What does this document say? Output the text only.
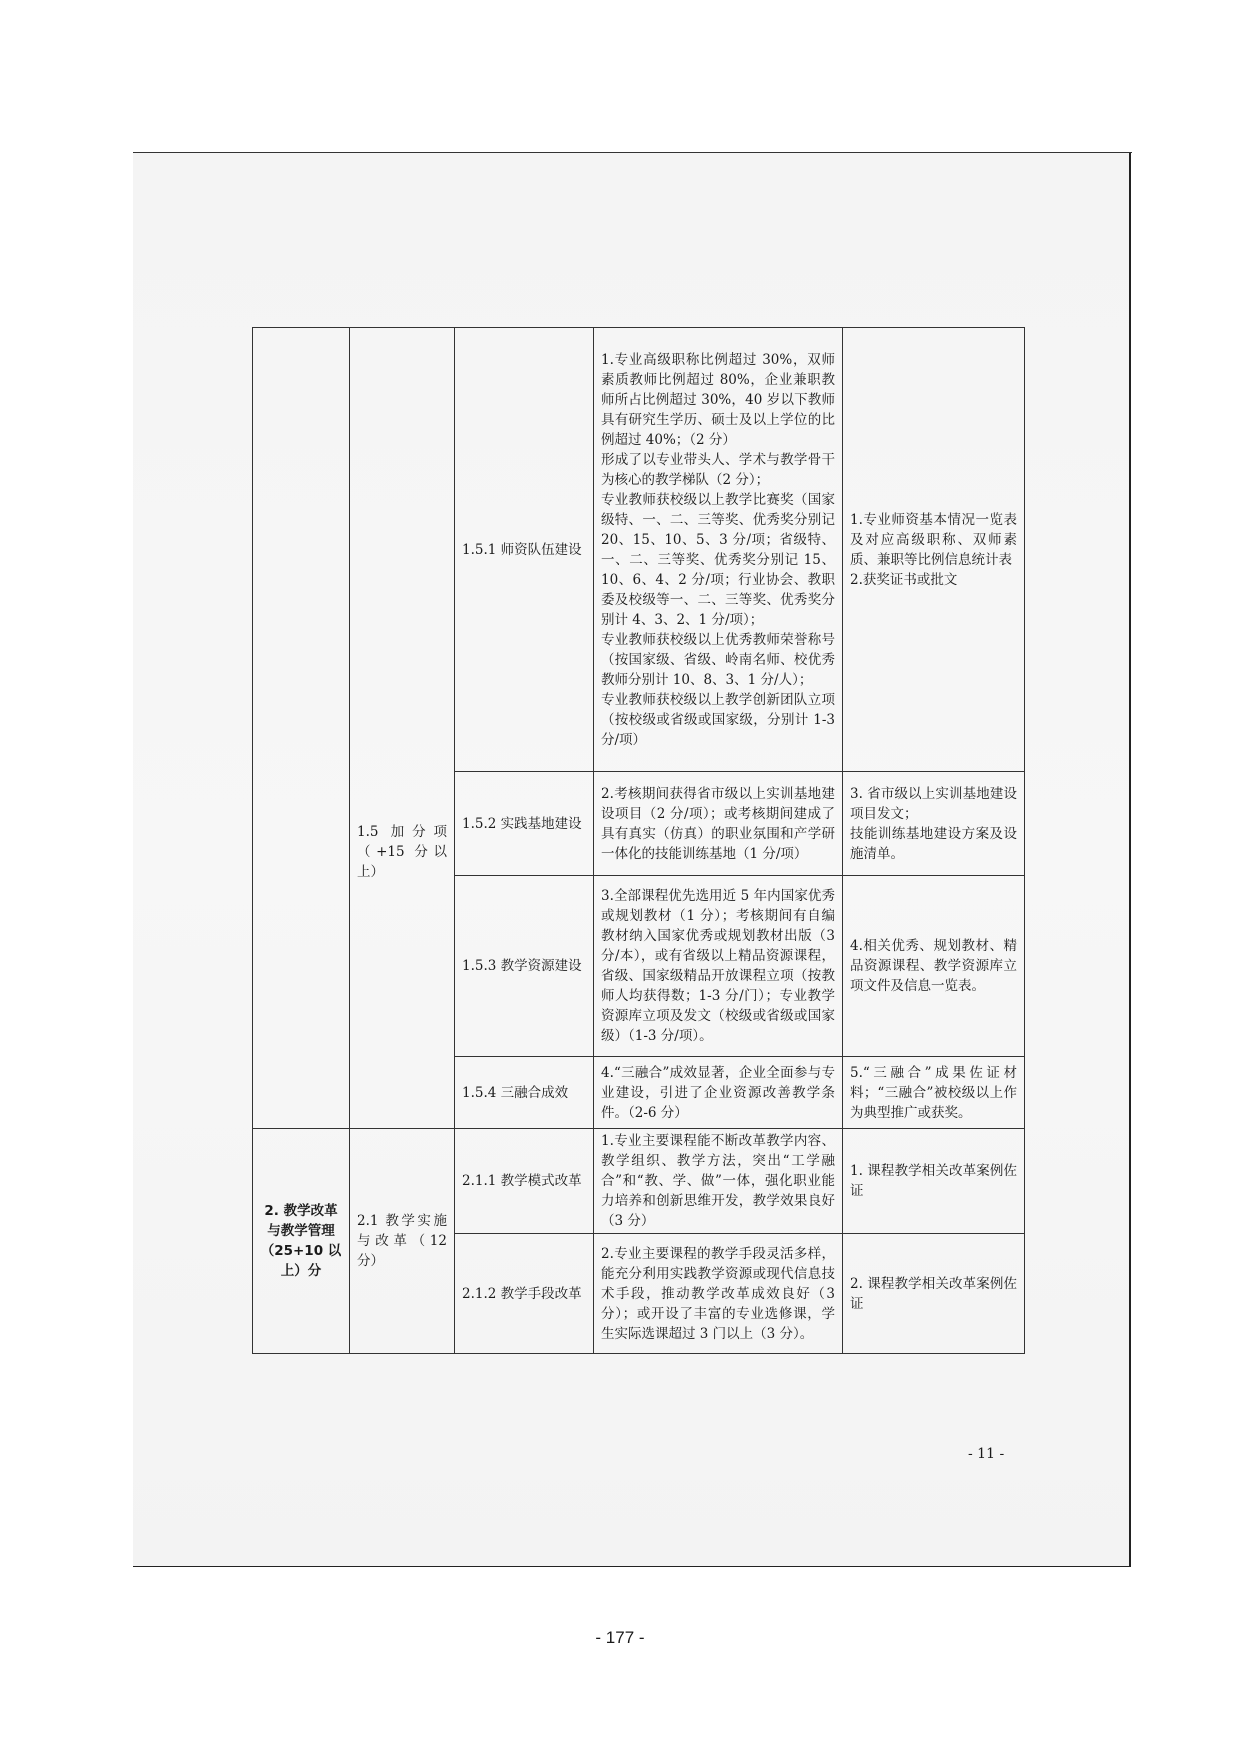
	1.5 加分项（+15 分以上）	1.5.1 师资队伍建设	1.专业高级职称比例超过 30%，双师素质教师比例超过 80%，企业兼职教师所占比例超过 30%，40 岁以下教师具有研究生学历、硕士及以上学位的比例超过 40%；（2 分）
形成了以专业带头人、学术与教学骨干为核心的教学梯队（2 分）；
专业教师获校级以上教学比赛奖（国家级特、一、二、三等奖、优秀奖分别记 20、15、10、5、3 分/项；省级特、一、二、三等奖、优秀奖分别记 15、10、6、4、2 分/项；行业协会、教职委及校级等一、二、三等奖、优秀奖分别计 4、3、2、1 分/项）；
专业教师获校级以上优秀教师荣誉称号（按国家级、省级、岭南名师、校优秀教师分别计 10、8、3、1 分/人）；
专业教师获校级以上教学创新团队立项（按校级或省级或国家级，分别计 1-3 分/项）	1.专业师资基本情况一览表及对应高级职称、双师素质、兼职等比例信息统计表
2.获奖证书或批文
		1.5.2 实践基地建设	2.考核期间获得省市级以上实训基地建设项目（2 分/项）；或考核期间建成了具有真实（仿真）的职业氛围和产学研一体化的技能训练基地（1 分/项）	3. 省市级以上实训基地建设项目发文；
技能训练基地建设方案及设施清单。
		1.5.3 教学资源建设	3.全部课程优先选用近 5 年内国家优秀或规划教材（1 分）；考核期间有自编教材纳入国家优秀或规划教材出版（3 分/本），或有省级以上精品资源课程，省级、国家级精品开放课程立项（按教师人均获得数；1-3 分/门）；专业教学资源库立项及发文（校级或省级或国家级）（1-3 分/项）。	4.相关优秀、规划教材、精品资源课程、教学资源库立项文件及信息一览表。
		1.5.4 三融合成效	4.“三融合”成效显著，企业全面参与专业建设，引进了企业资源改善教学条件。（2-6 分）	5.“三融合”成果佐证材料；“三融合”被校级以上作为典型推广或获奖。
2. 教学改革与教学管理（25+10 以上）分	2.1 教学实施与改革（12 分）	2.1.1 教学模式改革	1.专业主要课程能不断改革教学内容、教学组织、教学方法，突出“工学融合”和“教、学、做”一体，强化职业能力培养和创新思维开发，教学效果良好（3 分）	1. 课程教学相关改革案例佐证
		2.1.2 教学手段改革	2.专业主要课程的教学手段灵活多样，能充分利用实践教学资源或现代信息技术手段，推动教学改革成效良好（3 分）；或开设了丰富的专业选修课，学生实际选课超过 3 门以上（3 分）。	2. 课程教学相关改革案例佐证
- 11 -
- 177 -
